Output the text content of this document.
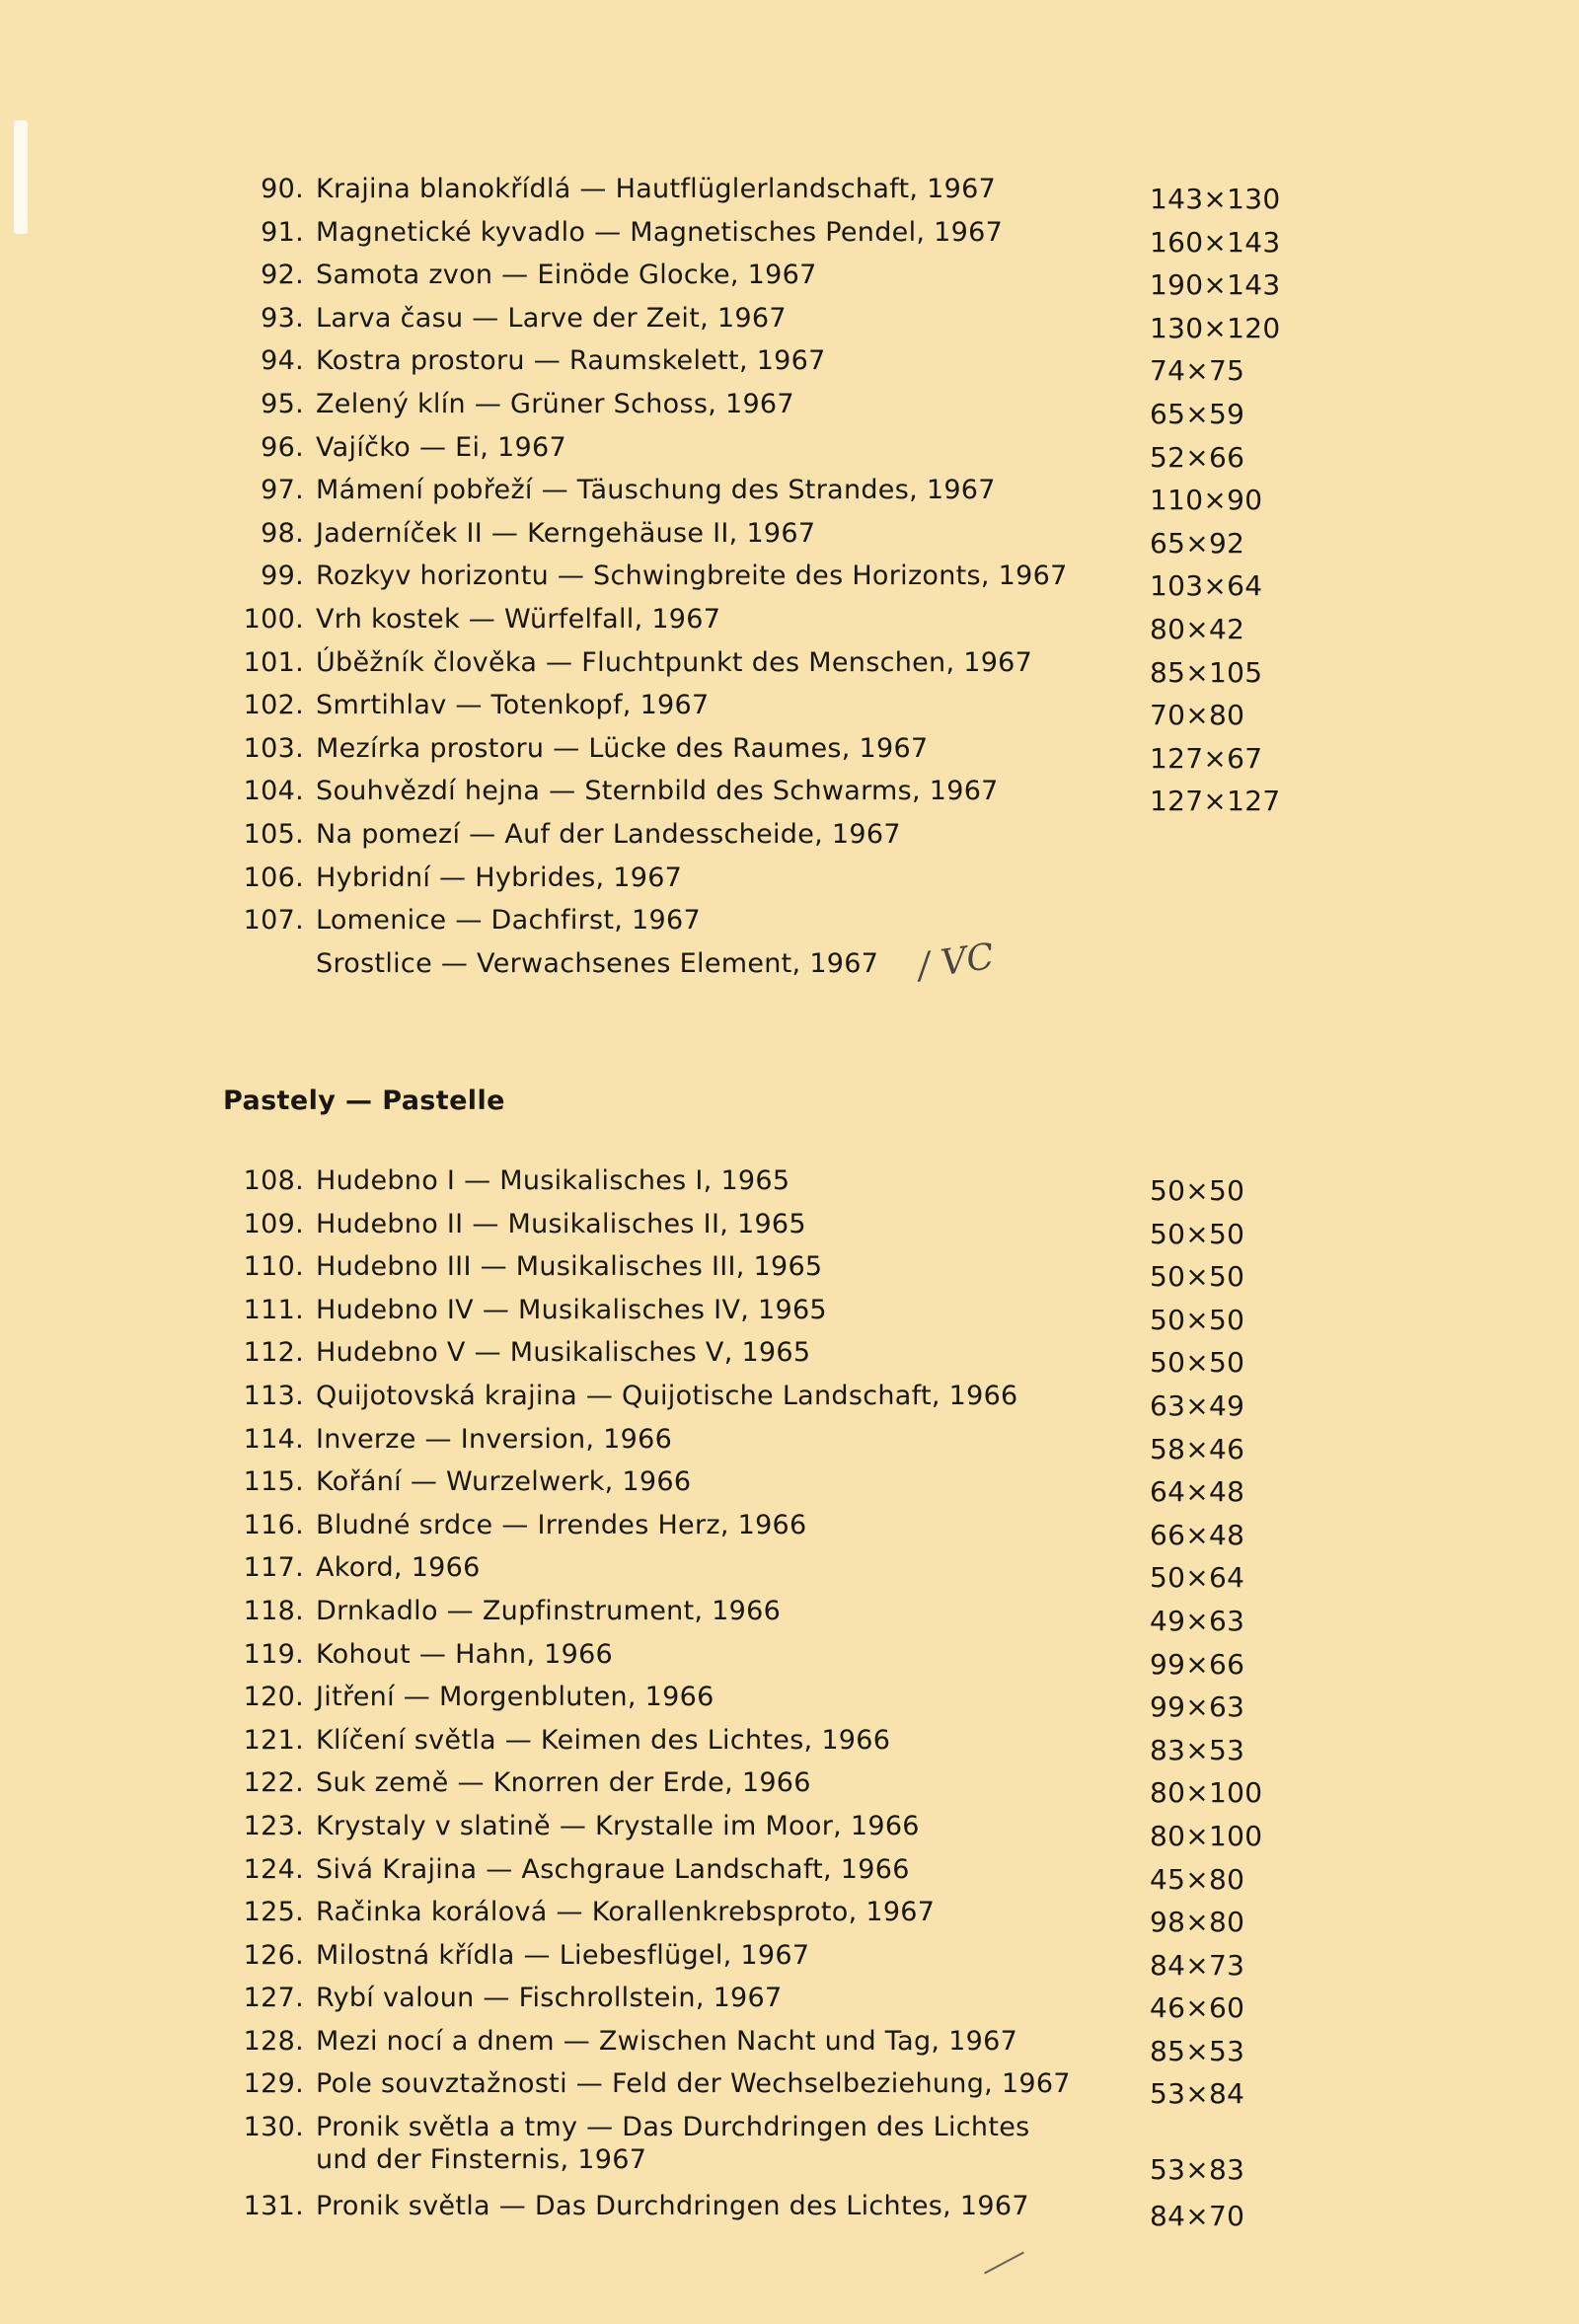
90. Krajina blanokřídlá — Hautflüglerlandschaft, 1967	143×130
91. Magnetické kyvadlo — Magnetisches Pendel, 1967	160×143
92. Samota zvon — Einöde Glocke, 1967	190×143
93. Larva času — Larve der Zeit, 1967	130×120
94. Kostra prostoru — Raumskelett, 1967	74×75
95. Zelený klín — Grüner Schoss, 1967	65×59
96. Vajíčko — Ei, 1967	52×66
97. Mámení pobřeží — Täuschung des Strandes, 1967	110×90
98. Jaderníček II — Kerngehäuse II, 1967	65×92
99. Rozkyv horizontu — Schwingbreite des Horizonts, 1967	103×64
100. Vrh kostek — Würfelfall, 1967	80×42
101. Úběžník člověka — Fluchtpunkt des Menschen, 1967	85×105
102. Smrtihlav — Totenkopf, 1967	70×80
103. Mezírka prostoru — Lücke des Raumes, 1967	127×67
104. Souhvězdí hejna — Sternbild des Schwarms, 1967	127×127
105. Na pomezí — Auf der Landesscheide, 1967
106. Hybridní — Hybrides, 1967
107. Lomenice — Dachfirst, 1967
Srostlice — Verwachsenes Element, 1967 / VC
Pastely — Pastelle
108. Hudebno I — Musikalisches I, 1965	50×50
109. Hudebno II — Musikalisches II, 1965	50×50
110. Hudebno III — Musikalisches III, 1965	50×50
111. Hudebno IV — Musikalisches IV, 1965	50×50
112. Hudebno V — Musikalisches V, 1965	50×50
113. Quijotovská krajina — Quijotische Landschaft, 1966	63×49
114. Inverze — Inversion, 1966	58×46
115. Kořání — Wurzelwerk, 1966	64×48
116. Bludné srdce — Irrendes Herz, 1966	66×48
117. Akord, 1966	50×64
118. Drnkadlo — Zupfinstrument, 1966	49×63
119. Kohout — Hahn, 1966	99×66
120. Jitření — Morgenbluten, 1966	99×63
121. Klíčení světla — Keimen des Lichtes, 1966	83×53
122. Suk země — Knorren der Erde, 1966	80×100
123. Krystaly v slatině — Krystalle im Moor, 1966	80×100
124. Sivá Krajina — Aschgraue Landschaft, 1966	45×80
125. Račinka korálová — Korallenkrebsproto, 1967	98×80
126. Milostná křídla — Liebesflügel, 1967	84×73
127. Rybí valoun — Fischrollstein, 1967	46×60
128. Mezi nocí a dnem — Zwischen Nacht und Tag, 1967	85×53
129. Pole souvztažnosti — Feld der Wechselbeziehung, 1967	53×84
130. Pronik světla a tmy — Das Durchdringen des Lichtes und der Finsternis, 1967	53×83
131. Pronik světla — Das Durchdringen des Lichtes, 1967	84×70
